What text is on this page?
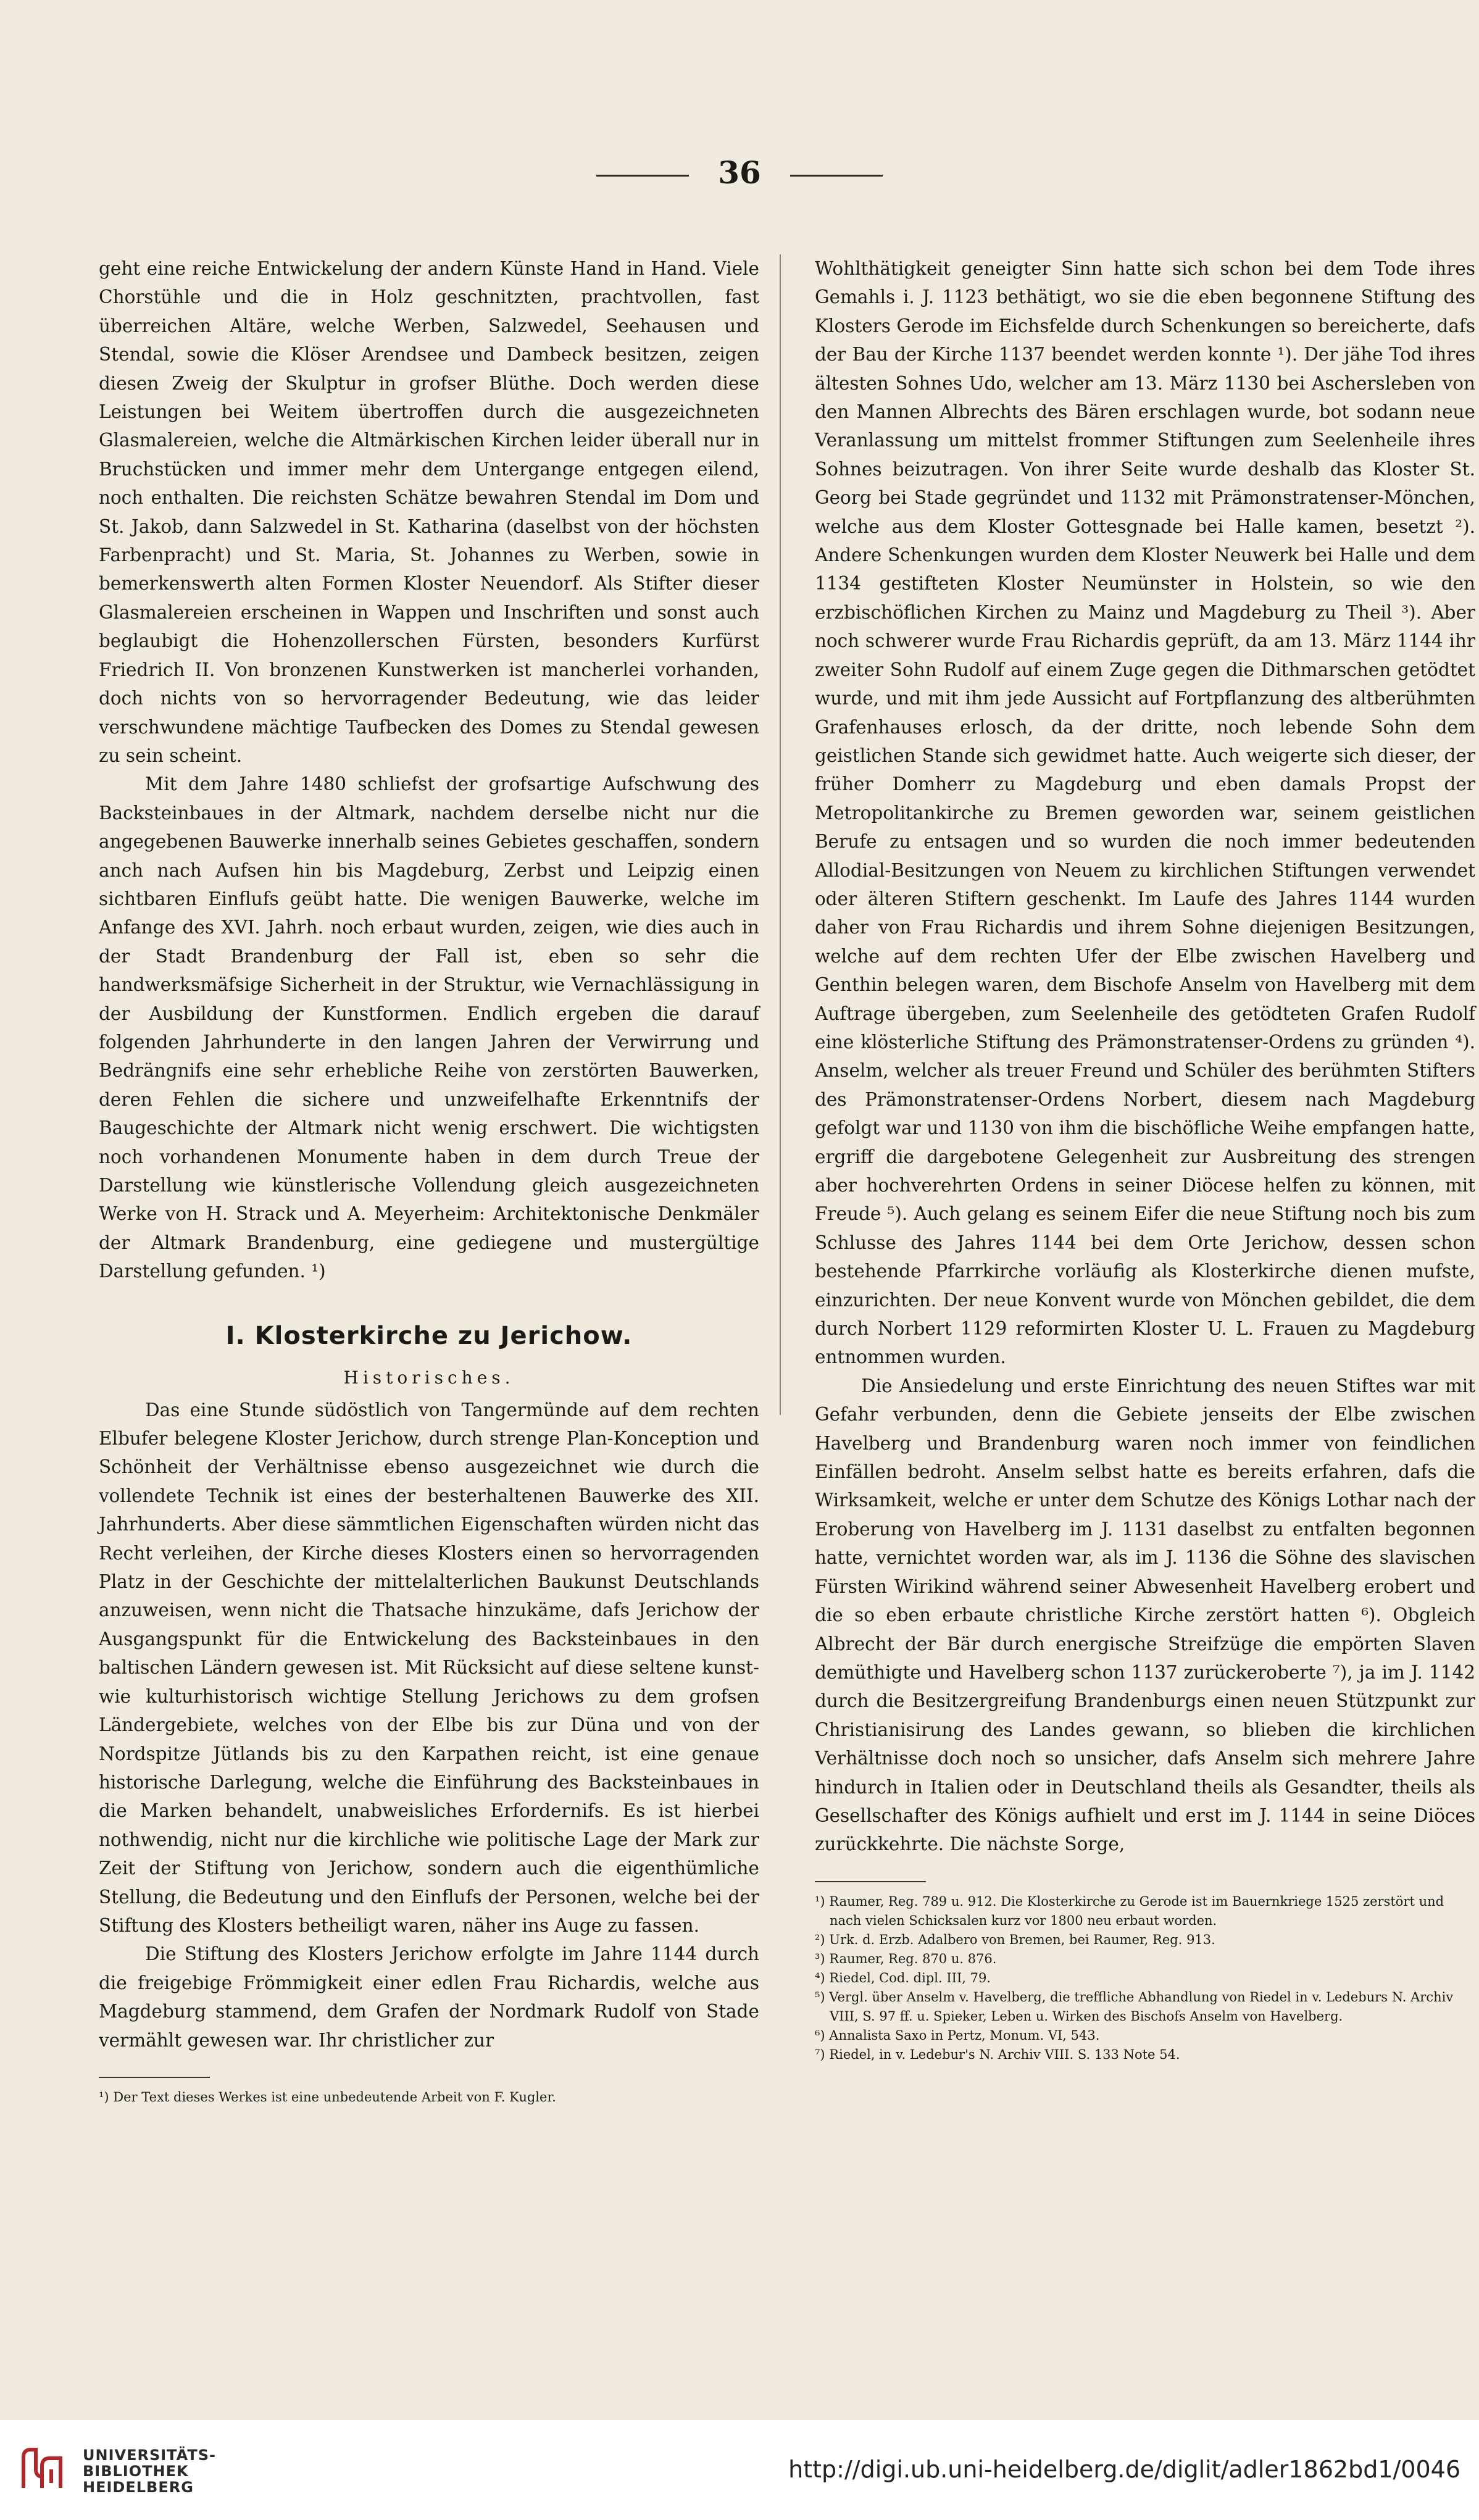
36

geht eine reiche Entwickelung der andern Künste Hand in Hand. Viele Chorstühle und die in Holz geschnitzten, prachtvollen, fast überreichen Altäre, welche Werben, Salzwedel, Seehausen und Stendal, sowie die Klöser Arendsee und Dambeck besitzen, zeigen diesen Zweig der Skulptur in grofser Blüthe. Doch werden diese Leistungen bei Weitem übertroffen durch die ausgezeichneten Glasmalereien, welche die Altmärkischen Kirchen leider überall nur in Bruchstücken und immer mehr dem Untergange entgegen eilend, noch enthalten. Die reichsten Schätze bewahren Stendal im Dom und St. Jakob, dann Salzwedel in St. Katharina (daselbst von der höchsten Farbenpracht) und St. Maria, St. Johannes zu Werben, sowie in bemerkenswerth alten Formen Kloster Neuendorf. Als Stifter dieser Glasmalereien erscheinen in Wappen und Inschriften und sonst auch beglaubigt die Hohenzollerschen Fürsten, besonders Kurfürst Friedrich II. Von bronzenen Kunstwerken ist mancherlei vorhanden, doch nichts von so hervorragender Bedeutung, wie das leider verschwundene mächtige Taufbecken des Domes zu Stendal gewesen zu sein scheint.

Mit dem Jahre 1480 schliefst der grofsartige Aufschwung des Backsteinbaues in der Altmark, nachdem derselbe nicht nur die angegebenen Bauwerke innerhalb seines Gebietes geschaffen, sondern anch nach Aufsen hin bis Magdeburg, Zerbst und Leipzig einen sichtbaren Einflufs geübt hatte. Die wenigen Bauwerke, welche im Anfange des XVI. Jahrh. noch erbaut wurden, zeigen, wie dies auch in der Stadt Brandenburg der Fall ist, eben so sehr die handwerksmäfsige Sicherheit in der Struktur, wie Vernachlässigung in der Ausbildung der Kunstformen. Endlich ergeben die darauf folgenden Jahrhunderte in den langen Jahren der Verwirrung und Bedrängnifs eine sehr erhebliche Reihe von zerstörten Bauwerken, deren Fehlen die sichere und unzweifelhafte Erkenntnifs der Baugeschichte der Altmark nicht wenig erschwert. Die wichtigsten noch vorhandenen Monumente haben in dem durch Treue der Darstellung wie künstlerische Vollendung gleich ausgezeichneten Werke von H. Strack und A. Meyerheim: Architektonische Denkmäler der Altmark Brandenburg, eine gediegene und mustergültige Darstellung gefunden. ¹)

I. Klosterkirche zu Jerichow.
Historisches.

Das eine Stunde südöstlich von Tangermünde auf dem rechten Elbufer belegene Kloster Jerichow, durch strenge Plan-Konception und Schönheit der Verhältnisse ebenso ausgezeichnet wie durch die vollendete Technik ist eines der besterhaltenen Bauwerke des XII. Jahrhunderts. Aber diese sämmtlichen Eigenschaften würden nicht das Recht verleihen, der Kirche dieses Klosters einen so hervorragenden Platz in der Geschichte der mittelalterlichen Baukunst Deutschlands anzuweisen, wenn nicht die Thatsache hinzukäme, dafs Jerichow der Ausgangspunkt für die Entwickelung des Backsteinbaues in den baltischen Ländern gewesen ist. Mit Rücksicht auf diese seltene kunst- wie kulturhistorisch wichtige Stellung Jerichows zu dem grofsen Ländergebiete, welches von der Elbe bis zur Düna und von der Nordspitze Jütlands bis zu den Karpathen reicht, ist eine genaue historische Darlegung, welche die Einführung des Backsteinbaues in die Marken behandelt, unabweisliches Erfordernifs. Es ist hierbei nothwendig, nicht nur die kirchliche wie politische Lage der Mark zur Zeit der Stiftung von Jerichow, sondern auch die eigenthümliche Stellung, die Bedeutung und den Einflufs der Personen, welche bei der Stiftung des Klosters betheiligt waren, näher ins Auge zu fassen.

Die Stiftung des Klosters Jerichow erfolgte im Jahre 1144 durch die freigebige Frömmigkeit einer edlen Frau Richardis, welche aus Magdeburg stammend, dem Grafen der Nordmark Rudolf von Stade vermählt gewesen war. Ihr christlicher zur

¹) Der Text dieses Werkes ist eine unbedeutende Arbeit von F. Kugler.

Wohlthätigkeit geneigter Sinn hatte sich schon bei dem Tode ihres Gemahls i. J. 1123 bethätigt, wo sie die eben begonnene Stiftung des Klosters Gerode im Eichsfelde durch Schenkungen so bereicherte, dafs der Bau der Kirche 1137 beendet werden konnte ¹). Der jähe Tod ihres ältesten Sohnes Udo, welcher am 13. März 1130 bei Aschersleben von den Mannen Albrechts des Bären erschlagen wurde, bot sodann neue Veranlassung um mittelst frommer Stiftungen zum Seelenheile ihres Sohnes beizutragen. Von ihrer Seite wurde deshalb das Kloster St. Georg bei Stade gegründet und 1132 mit Prämonstratenser-Mönchen, welche aus dem Kloster Gottesgnade bei Halle kamen, besetzt ²). Andere Schenkungen wurden dem Kloster Neuwerk bei Halle und dem 1134 gestifteten Kloster Neumünster in Holstein, so wie den erzbischöflichen Kirchen zu Mainz und Magdeburg zu Theil ³). Aber noch schwerer wurde Frau Richardis geprüft, da am 13. März 1144 ihr zweiter Sohn Rudolf auf einem Zuge gegen die Dithmarschen getödtet wurde, und mit ihm jede Aussicht auf Fortpflanzung des altberühmten Grafenhauses erlosch, da der dritte, noch lebende Sohn dem geistlichen Stande sich gewidmet hatte. Auch weigerte sich dieser, der früher Domherr zu Magdeburg und eben damals Propst der Metropolitankirche zu Bremen geworden war, seinem geistlichen Berufe zu entsagen und so wurden die noch immer bedeutenden Allodial-Besitzungen von Neuem zu kirchlichen Stiftungen verwendet oder älteren Stiftern geschenkt. Im Laufe des Jahres 1144 wurden daher von Frau Richardis und ihrem Sohne diejenigen Besitzungen, welche auf dem rechten Ufer der Elbe zwischen Havelberg und Genthin belegen waren, dem Bischofe Anselm von Havelberg mit dem Auftrage übergeben, zum Seelenheile des getödteten Grafen Rudolf eine klösterliche Stiftung des Prämonstratenser-Ordens zu gründen ⁴). Anselm, welcher als treuer Freund und Schüler des berühmten Stifters des Prämonstratenser-Ordens Norbert, diesem nach Magdeburg gefolgt war und 1130 von ihm die bischöfliche Weihe empfangen hatte, ergriff die dargebotene Gelegenheit zur Ausbreitung des strengen aber hochverehrten Ordens in seiner Diöcese helfen zu können, mit Freude ⁵). Auch gelang es seinem Eifer die neue Stiftung noch bis zum Schlusse des Jahres 1144 bei dem Orte Jerichow, dessen schon bestehende Pfarrkirche vorläufig als Klosterkirche dienen mufste, einzurichten. Der neue Konvent wurde von Mönchen gebildet, die dem durch Norbert 1129 reformirten Kloster U. L. Frauen zu Magdeburg entnommen wurden.

Die Ansiedelung und erste Einrichtung des neuen Stiftes war mit Gefahr verbunden, denn die Gebiete jenseits der Elbe zwischen Havelberg und Brandenburg waren noch immer von feindlichen Einfällen bedroht. Anselm selbst hatte es bereits erfahren, dafs die Wirksamkeit, welche er unter dem Schutze des Königs Lothar nach der Eroberung von Havelberg im J. 1131 daselbst zu entfalten begonnen hatte, vernichtet worden war, als im J. 1136 die Söhne des slavischen Fürsten Wirikind während seiner Abwesenheit Havelberg erobert und die so eben erbaute christliche Kirche zerstört hatten ⁶). Obgleich Albrecht der Bär durch energische Streifzüge die empörten Slaven demüthigte und Havelberg schon 1137 zurückeroberte ⁷), ja im J. 1142 durch die Besitzergreifung Brandenburgs einen neuen Stützpunkt zur Christianisirung des Landes gewann, so blieben die kirchlichen Verhältnisse doch noch so unsicher, dafs Anselm sich mehrere Jahre hindurch in Italien oder in Deutschland theils als Gesandter, theils als Gesellschafter des Königs aufhielt und erst im J. 1144 in seine Diöces zurückkehrte. Die nächste Sorge,

¹) Raumer, Reg. 789 u. 912. Die Klosterkirche zu Gerode ist im Bauernkriege 1525 zerstört und nach vielen Schicksalen kurz vor 1800 neu erbaut worden.
²) Urk. d. Erzb. Adalbero von Bremen, bei Raumer, Reg. 913.
³) Raumer, Reg. 870 u. 876.
⁴) Riedel, Cod. dipl. III, 79.
⁵) Vergl. über Anselm v. Havelberg, die treffliche Abhandlung von Riedel in v. Ledeburs N. Archiv VIII, S. 97 ff. u. Spieker, Leben u. Wirken des Bischofs Anselm von Havelberg.
⁶) Annalista Saxo in Pertz, Monum. VI, 543.
⁷) Riedel, in v. Ledebur's N. Archiv VIII. S. 133 Note 54.
UNIVERSITÄTS-
BIBLIOTHEK
HEIDELBERG
http://digi.ub.uni-heidelberg.de/diglit/adler1862bd1/0046
